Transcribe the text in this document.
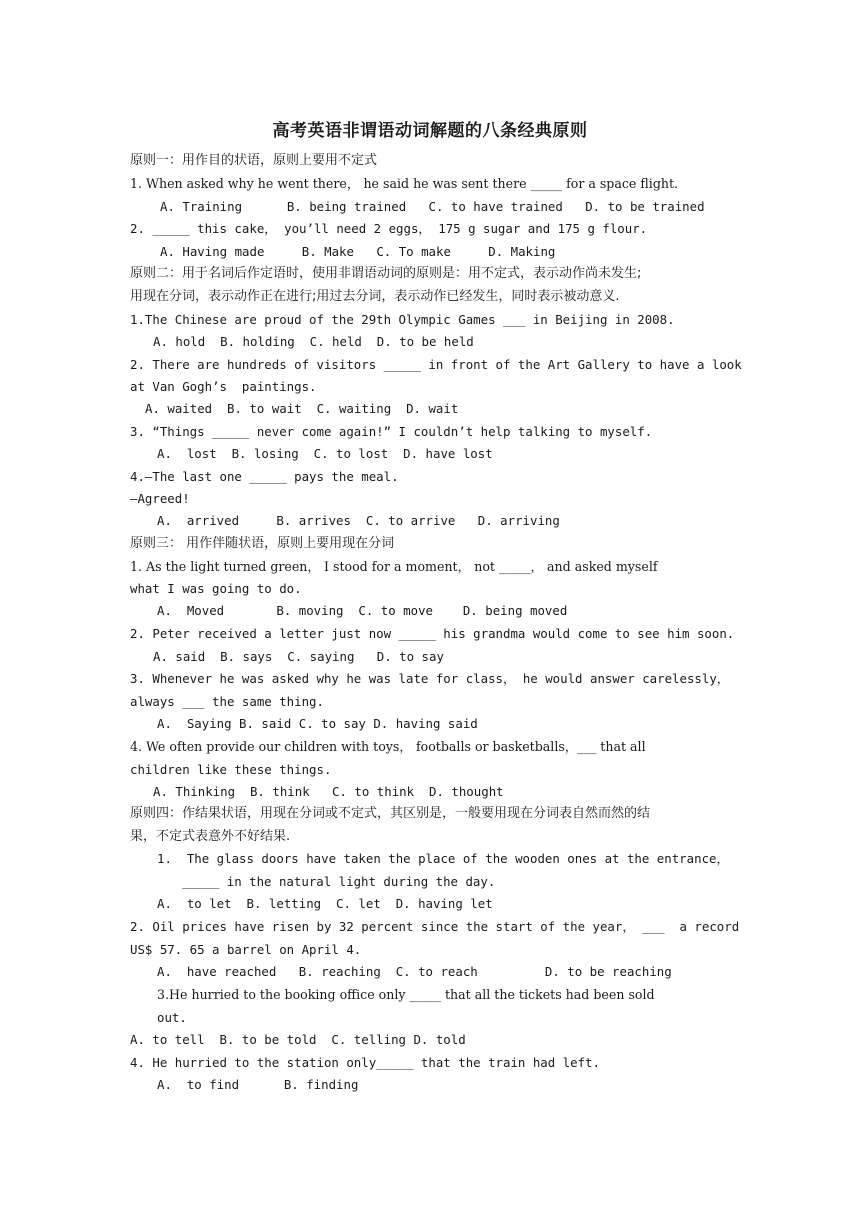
高考英语非谓语动词解题的八条经典原则
原则一：用作目的状语，原则上要用不定式
1. When asked why he went there， he said he was sent there _____ for a space flight.
A. Training      B. being trained   C. to have trained   D. to be trained
2. _____ this cake， you’ll need 2 eggs， 175 g sugar and 175 g flour.
A. Having made     B. Make   C. To make     D. Making
原则二：用于名词后作定语时，使用非谓语动词的原则是：用不定式，表示动作尚未发生;
用现在分词，表示动作正在进行;用过去分词，表示动作已经发生，同时表示被动意义.
1.The Chinese are proud of the 29th Olympic Games ___ in Beijing in 2008.
A. hold  B. holding  C. held  D. to be held
2. There are hundreds of visitors _____ in front of the Art Gallery to have a look
at Van Gogh’s  paintings.
A. waited  B. to wait  C. waiting  D. wait
3. “Things _____ never come again!” I couldn’t help talking to myself.
A.  lost  B. losing  C. to lost  D. have lost
4.—The last one _____ pays the meal.
—Agreed!
A.  arrived     B. arrives  C. to arrive   D. arriving
原则三： 用作伴随状语，原则上要用现在分词
1. As the light turned green， I stood for a moment， not _____， and asked myself
what I was going to do.
A.  Moved       B. moving  C. to move    D. being moved
2. Peter received a letter just now _____ his grandma would come to see him soon.
A. said  B. says  C. saying   D. to say
3. Whenever he was asked why he was late for class， he would answer carelessly，
always ___ the same thing.
A.  Saying B. said C. to say D. having said
4. We often provide our children with toys， footballs or basketballs，___ that all
children like these things.
A. Thinking  B. think   C. to think  D. thought
原则四：作结果状语，用现在分词或不定式，其区别是，一般要用现在分词表自然而然的结
果，不定式表意外不好结果.
1.  The glass doors have taken the place of the wooden ones at the entrance，
_____ in the natural light during the day.
A.  to let  B. letting  C. let  D. having let
2. Oil prices have risen by 32 percent since the start of the year， ___  a record
US$ 57. 65 a barrel on April 4.
A.  have reached   B. reaching  C. to reach         D. to be reaching
3.He hurried to the booking office only _____ that all the tickets had been sold
out.
A. to tell  B. to be told  C. telling D. told
4. He hurried to the station only_____ that the train had left.
A.  to find      B. finding
